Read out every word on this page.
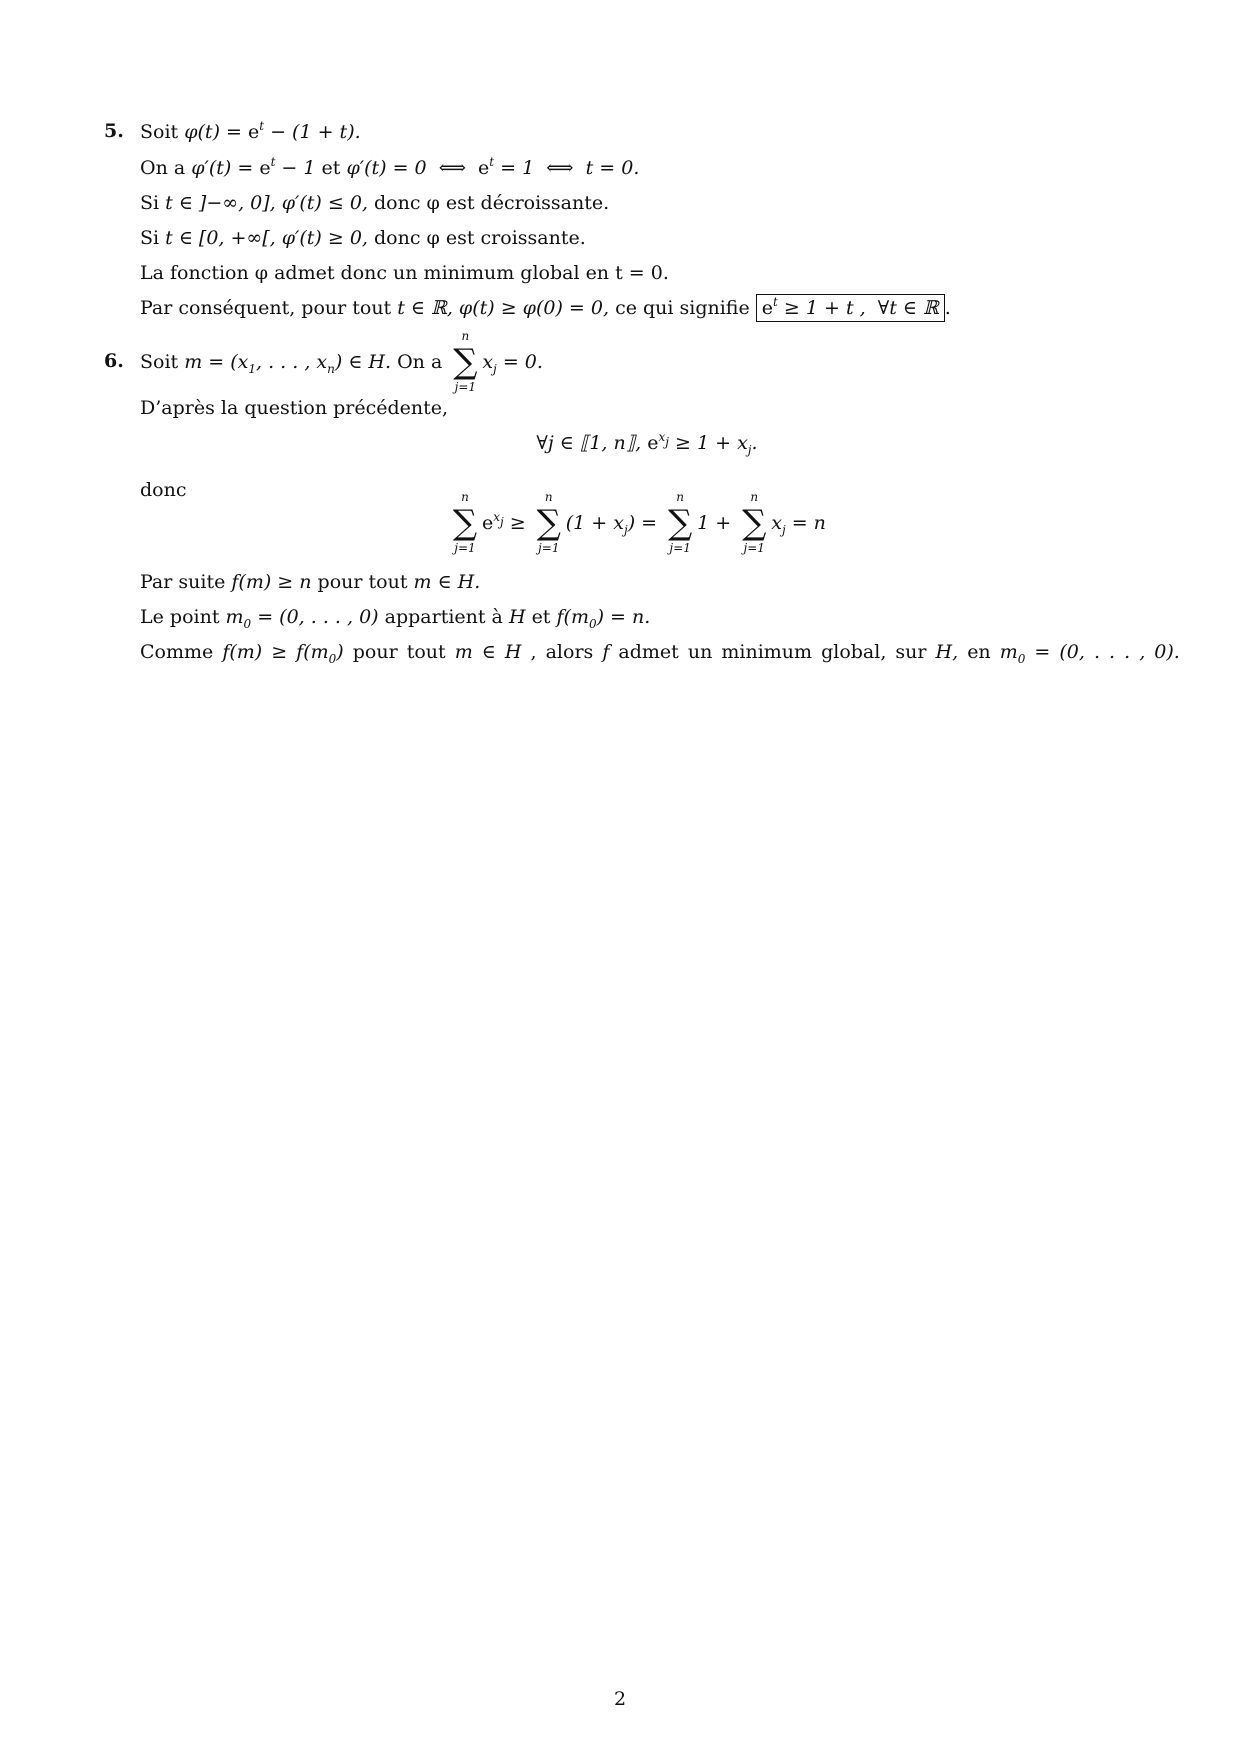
5. Soit $\varphi(t) = e^t - (1 + t)$.
On a $\varphi'(t) = e^t - 1$ et φ′(t) = 0  ⟺  $e^t = 1$  ⟺  t = 0.
Si t ∈ ]−∞, 0], φ′(t) ≤ 0, donc φ est décroissante.
Si t ∈ [0, +∞[, φ′(t) ≥ 0, donc φ est croissante.
La fonction φ admet donc un minimum global en t = 0.
Par conséquent, pour tout t ∈ ℝ, φ(t) ≥ φ(0) = 0, ce qui signifie $e^t \ge 1 + t$ ,  ∀t ∈ ℝ .
6. Soit $m = (x_1$, . . . , $x_n$) ∈ H. On a
n
∑
j=1
$x_j = 0$.
D’après la question précédente,
∀j ∈ ⟦1, n⟧, $e^{x_j} \ge 1 + x_j$.
donc	n
∑
j=1
$e^{x_j}$ ≥
n
∑
j=1
$(1 + x_j)$ =
n
∑
j=1
1 +
n
∑
j=1
$x_j = n$
Par suite f(m) ≥ n pour tout m ∈ H.
Le point $m_0 = (0$, . . . , 0) appartient à H et $f(m_0) = n$.
Comme $f(m) \ge f(m_0)$ pour tout m ∈ H , alors f admet un minimum global, sur H, en $m_0 = (0$, . . . , 0).
2
